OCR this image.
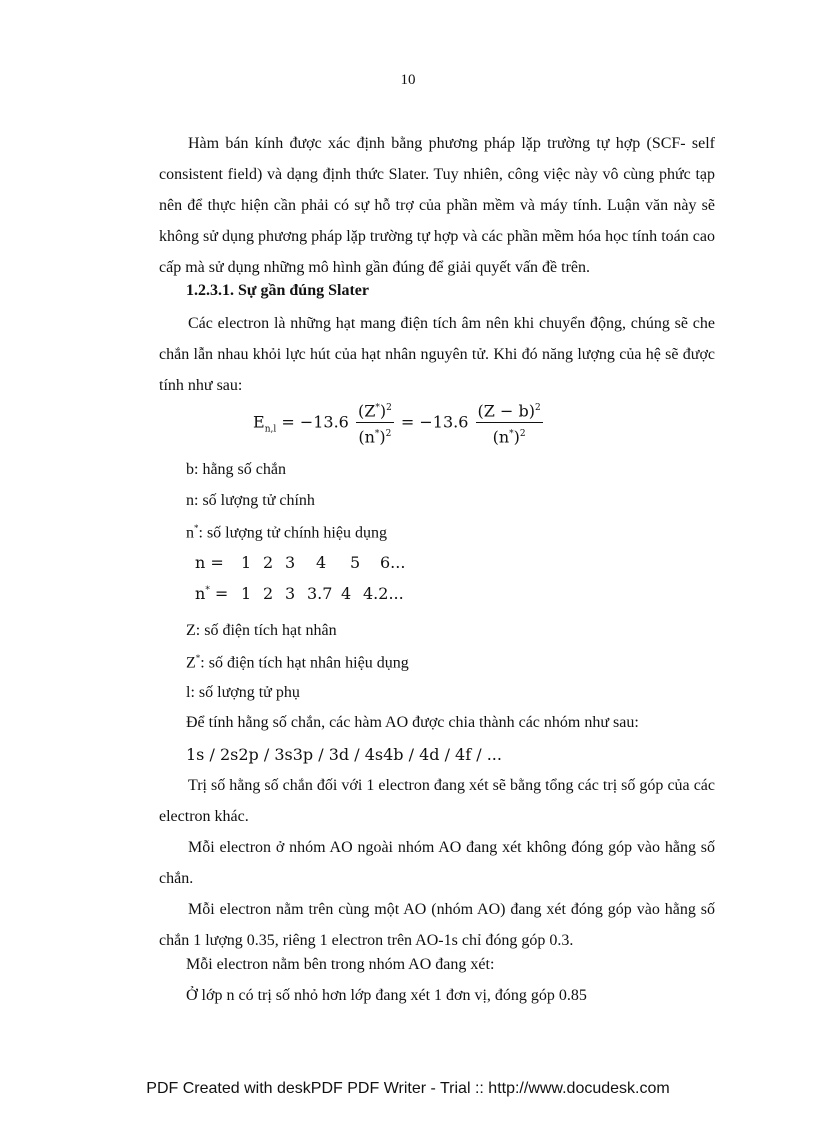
10
Hàm bán kính được xác định bằng phương pháp lặp trường tự hợp (SCF- self consistent field) và dạng định thức Slater. Tuy nhiên, công việc này vô cùng phức tạp nên để thực hiện cần phải có sự hỗ trợ của phần mềm và máy tính. Luận văn này sẽ không sử dụng phương pháp lặp trường tự hợp và các phần mềm hóa học tính toán cao cấp mà sử dụng những mô hình gần đúng để giải quyết vấn đề trên.
1.2.3.1. Sự gần đúng Slater
Các electron là những hạt mang điện tích âm nên khi chuyển động, chúng sẽ che chắn lẫn nhau khỏi lực hút của hạt nhân nguyên tử. Khi đó năng lượng của hệ sẽ được tính như sau:
$E_{n,l} = -13.6 \frac{(Z^*)^2}{(n^*)^2} = -13.6 \frac{(Z - b)^2}{(n^*)^2}$
b: hằng số chắn
n: số lượng tử chính
n*: số lượng tử chính hiệu dụng
n = 1 2 3 4 5 6...
n* = 1 2 3 3.7 4 4.2...
Z: số điện tích hạt nhân
Z*: số điện tích hạt nhân hiệu dụng
l: số lượng tử phụ
Để tính hằng số chắn, các hàm AO được chia thành các nhóm như sau:
1s / 2s2p / 3s3p / 3d / 4s4b / 4d / 4f / ...
Trị số hằng số chắn đối với 1 electron đang xét sẽ bằng tổng các trị số góp của các electron khác.
Mỗi electron ở nhóm AO ngoài nhóm AO đang xét không đóng góp vào hằng số chắn.
Mỗi electron nằm trên cùng một AO (nhóm AO) đang xét đóng góp vào hằng số chắn 1 lượng 0.35, riêng 1 electron trên AO-1s chỉ đóng góp 0.3.
Mỗi electron nằm bên trong nhóm AO đang xét:
Ở lớp n có trị số nhỏ hơn lớp đang xét 1 đơn vị, đóng góp 0.85
PDF Created with deskPDF PDF Writer - Trial :: http://www.docudesk.com
